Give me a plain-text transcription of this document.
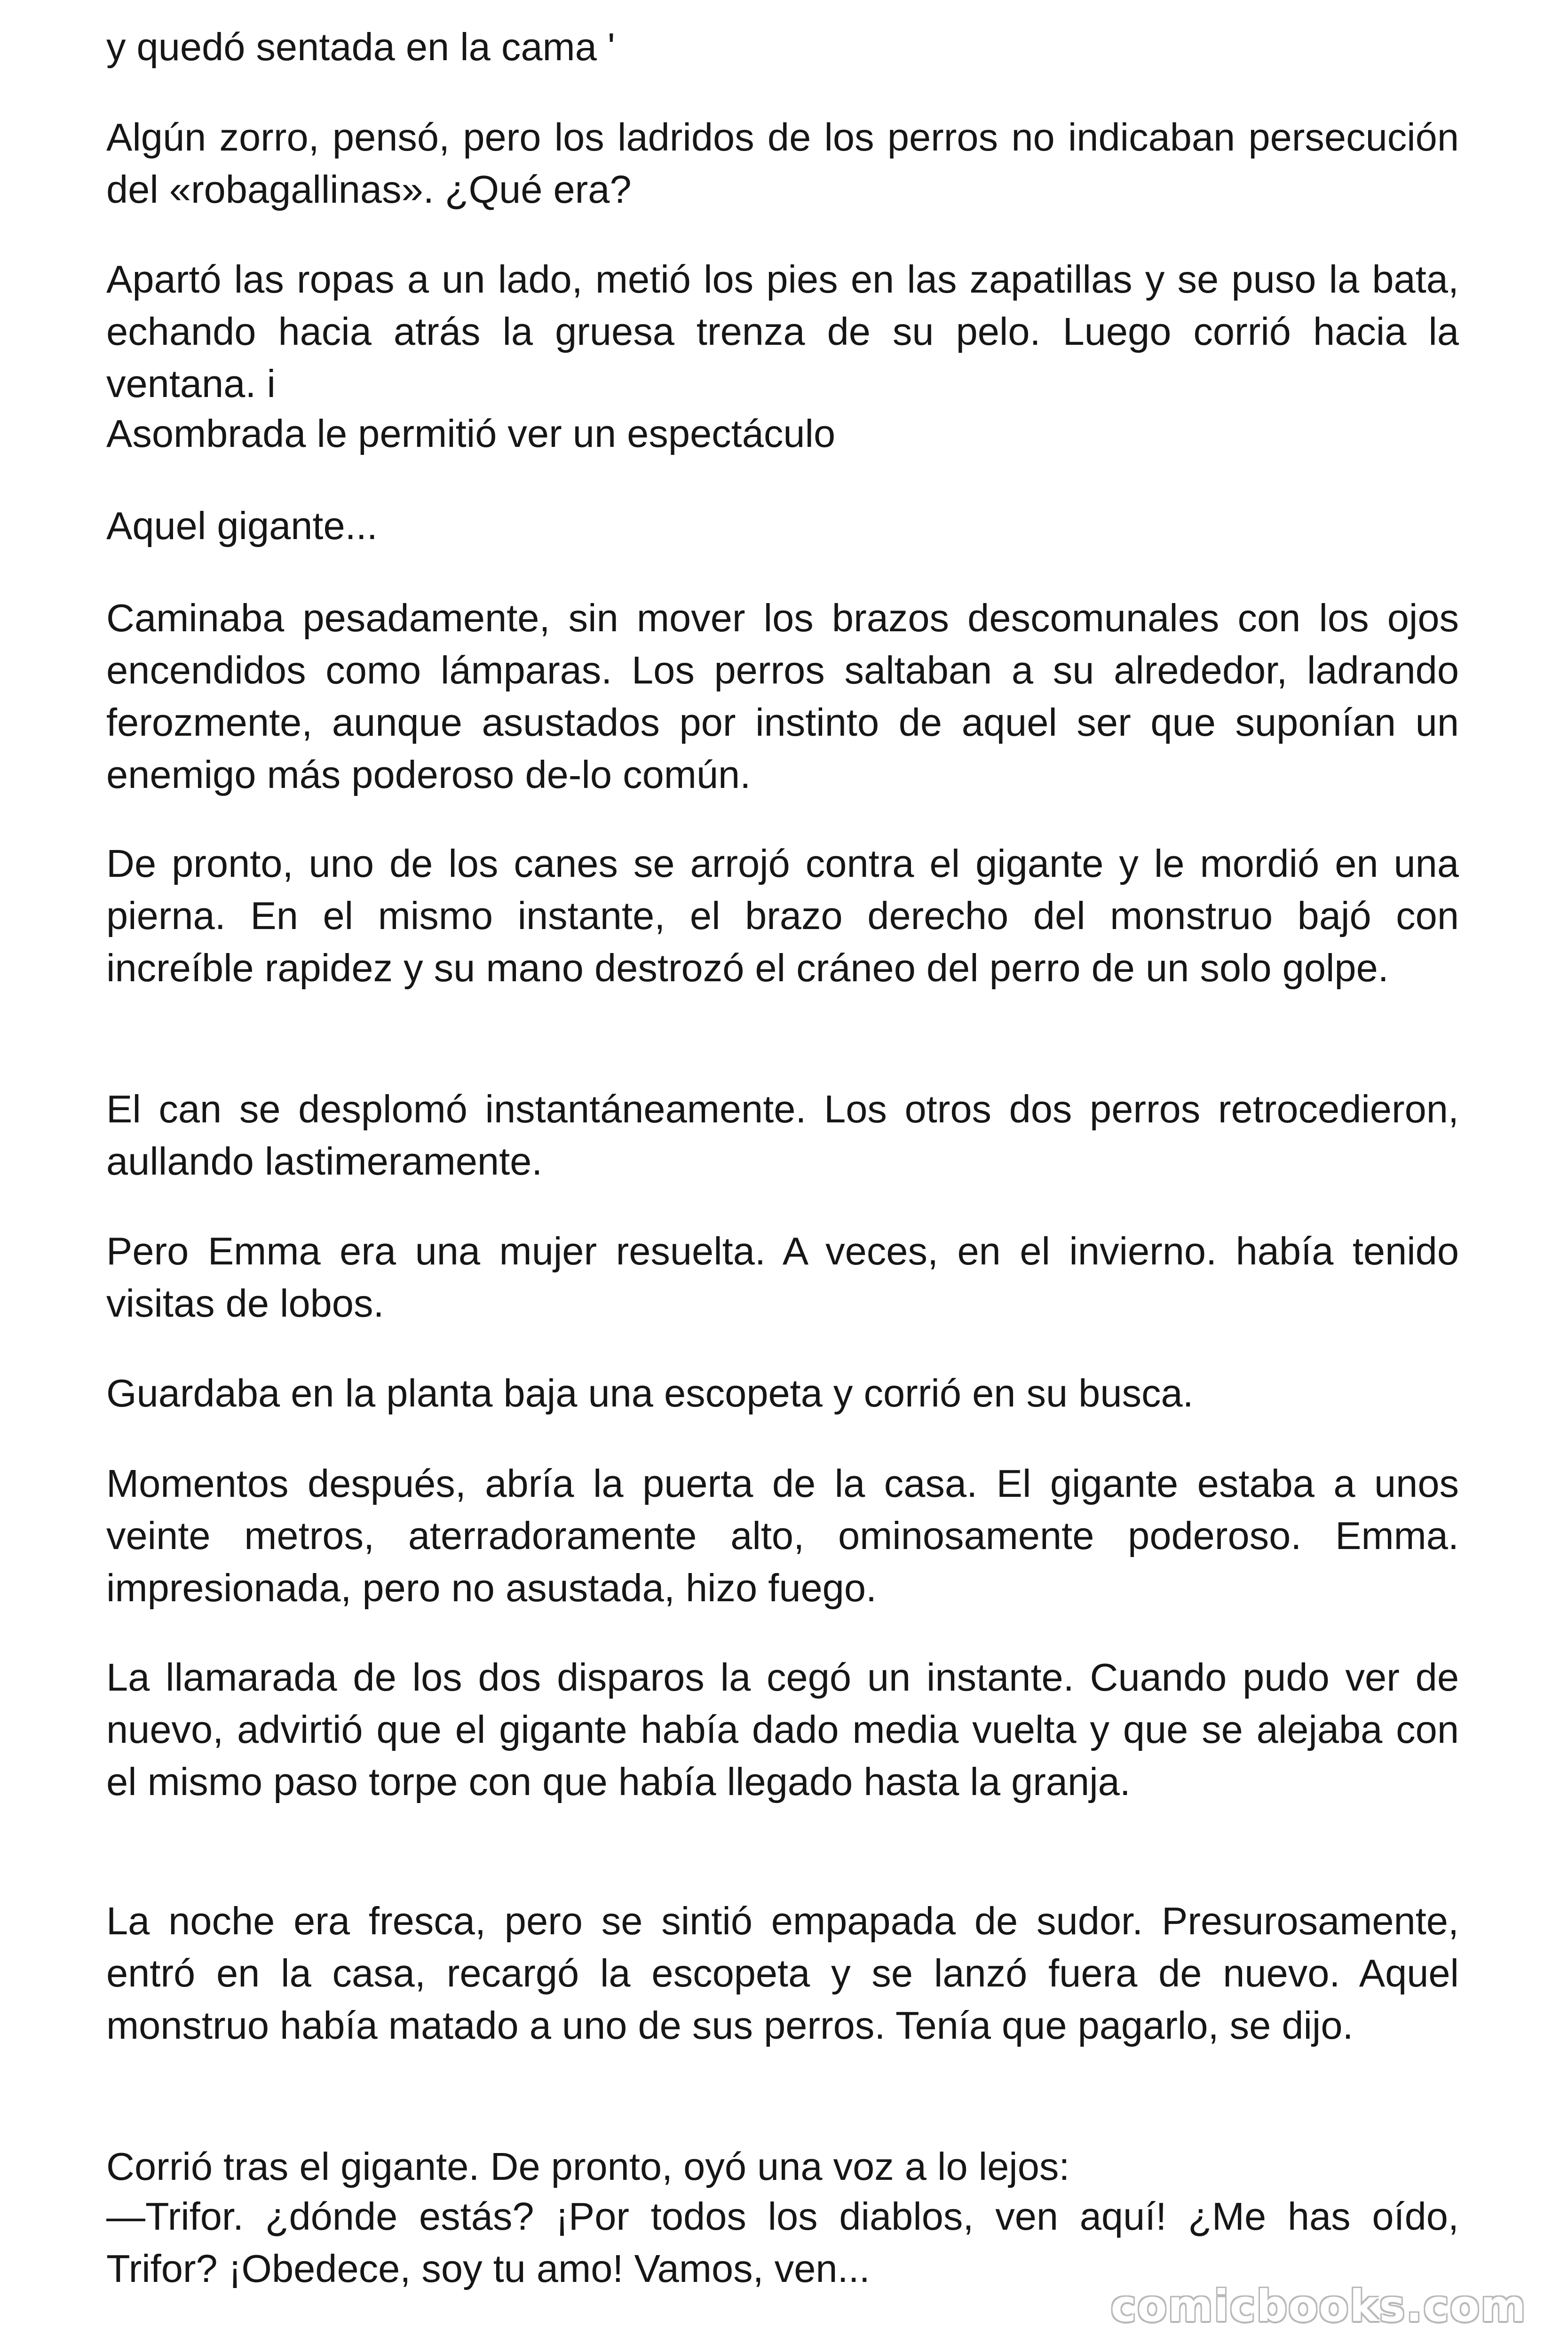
y quedó sentada en la cama '

Algún zorro, pensó, pero los ladridos de los perros no indicaban persecución del «robagallinas». ¿Qué era?

Apartó las ropas a un lado, metió los pies en las zapatillas y se puso la bata, echando hacia atrás la gruesa trenza de su pelo. Luego corrió hacia la ventana. i

Asombrada le permitió ver un espectáculo

Aquel gigante...

Caminaba pesadamente, sin mover los brazos descomunales con los ojos encendidos como lámparas. Los perros saltaban a su alrededor, ladrando ferozmente, aunque asustados por instinto de aquel ser que suponían un enemigo más poderoso de-lo común.

De pronto, uno de los canes se arrojó contra el gigante y le mordió en una pierna. En el mismo instante, el brazo derecho del monstruo bajó con increíble rapidez y su mano destrozó el cráneo del perro de un solo golpe.

El can se desplomó instantáneamente. Los otros dos perros retrocedieron, aullando lastimeramente.

Pero Emma era una mujer resuelta. A veces, en el invierno. había tenido visitas de lobos.

Guardaba en la planta baja una escopeta y corrió en su busca.

Momentos después, abría la puerta de la casa. El gigante estaba a unos veinte metros, aterradoramente alto, ominosamente poderoso. Emma. impresionada, pero no asustada, hizo fuego.

La llamarada de los dos disparos la cegó un instante. Cuando pudo ver de nuevo, advirtió que el gigante había dado media vuelta y que se alejaba con el mismo paso torpe con que había llegado hasta la granja.

La noche era fresca, pero se sintió empapada de sudor. Presurosamente, entró en la casa, recargó la escopeta y se lanzó fuera de nuevo. Aquel monstruo había matado a uno de sus perros. Tenía que pagarlo, se dijo.

Corrió tras el gigante. De pronto, oyó una voz a lo lejos:

—Trifor. ¿dónde estás? ¡Por todos los diablos, ven aquí! ¿Me has oído, Trifor? ¡Obedece, soy tu amo! Vamos, ven...

comicbooks.com
